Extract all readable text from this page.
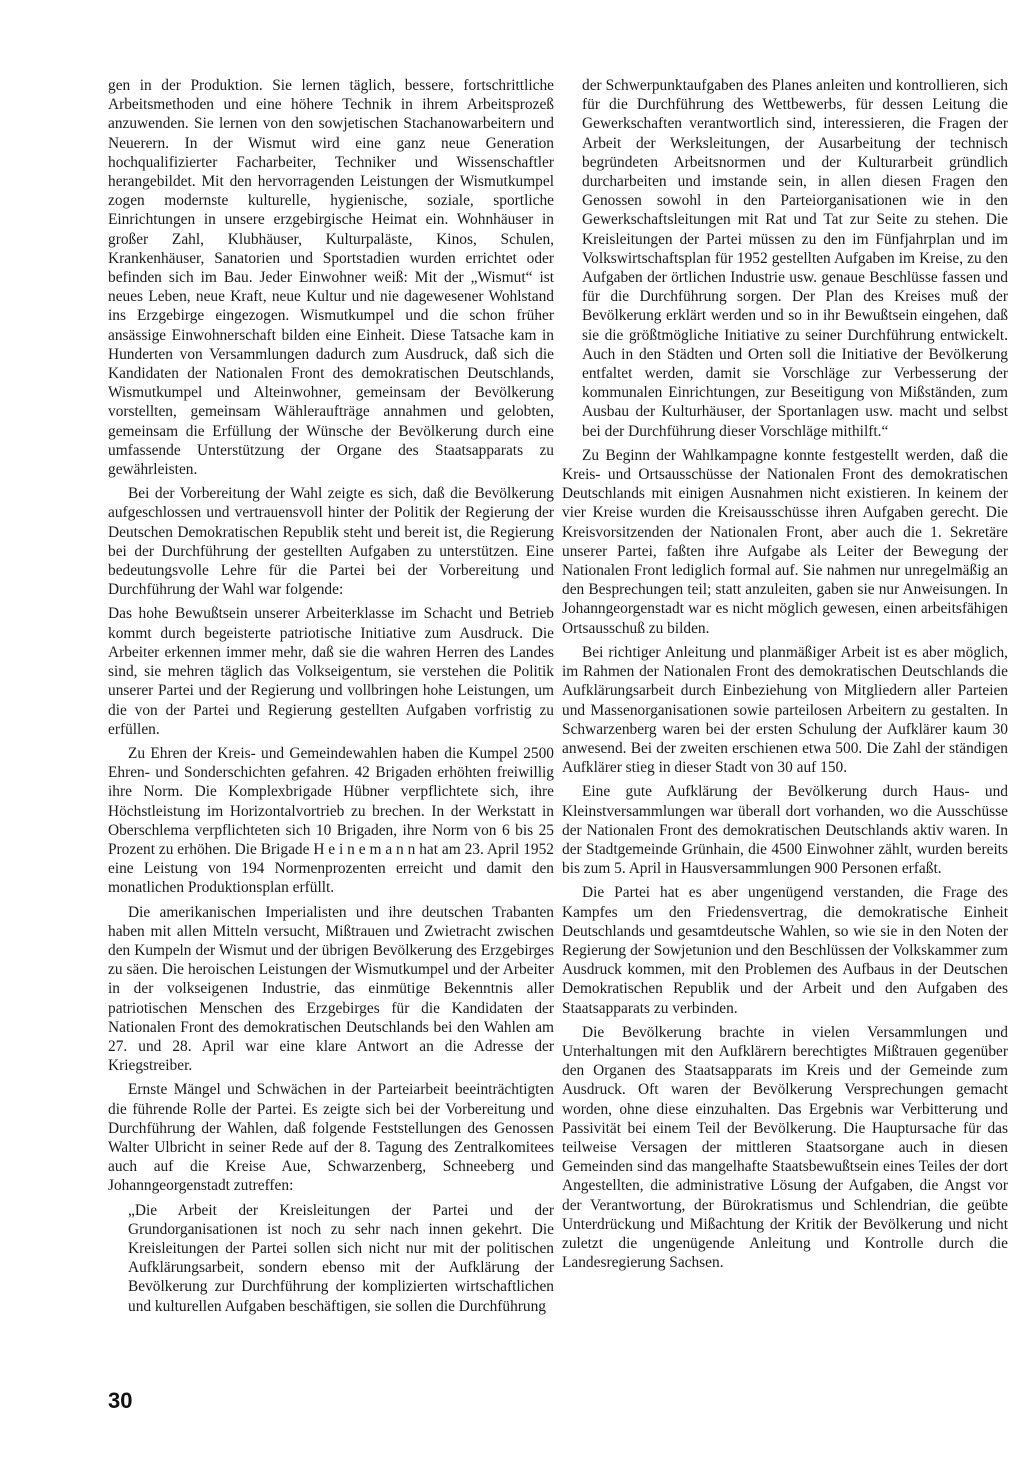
gen in der Produktion. Sie lernen täglich, bessere, fortschrittliche Arbeitsmethoden und eine höhere Technik in ihrem Arbeitsprozeß anzuwenden. Sie lernen von den sowjetischen Stachanowarbeitern und Neuerern. In der Wismut wird eine ganz neue Generation hochqualifizierter Facharbeiter, Techniker und Wissenschaftler herangebildet. Mit den hervorragenden Leistungen der Wismutkumpel zogen modernste kulturelle, hygienische, soziale, sportliche Einrichtungen in unsere erzgebirgische Heimat ein. Wohnhäuser in großer Zahl, Klubhäuser, Kulturpaläste, Kinos, Schulen, Krankenhäuser, Sanatorien und Sportstadien wurden errichtet oder befinden sich im Bau. Jeder Einwohner weiß: Mit der „Wismut“ ist neues Leben, neue Kraft, neue Kultur und nie dagewesener Wohlstand ins Erzgebirge eingezogen. Wismutkumpel und die schon früher ansässige Einwohnerschaft bilden eine Einheit. Diese Tatsache kam in Hunderten von Versammlungen dadurch zum Ausdruck, daß sich die Kandidaten der Nationalen Front des demokratischen Deutschlands, Wismutkumpel und Alteinwohner, gemeinsam der Bevölkerung vorstellten, gemeinsam Wähleraufträge annahmen und gelobten, gemeinsam die Erfüllung der Wünsche der Bevölkerung durch eine umfassende Unterstützung der Organe des Staatsapparats zu gewährleisten.

Bei der Vorbereitung der Wahl zeigte es sich, daß die Bevölkerung aufgeschlossen und vertrauensvoll hinter der Politik der Regierung der Deutschen Demokratischen Republik steht und bereit ist, die Regierung bei der Durchführung der gestellten Aufgaben zu unterstützen. Eine bedeutungsvolle Lehre für die Partei bei der Vorbereitung und Durchführung der Wahl war folgende:

Das hohe Bewußtsein unserer Arbeiterklasse im Schacht und Betrieb kommt durch begeisterte patriotische Initiative zum Ausdruck. Die Arbeiter erkennen immer mehr, daß sie die wahren Herren des Landes sind, sie mehren täglich das Volkseigentum, sie verstehen die Politik unserer Partei und der Regierung und vollbringen hohe Leistungen, um die von der Partei und Regierung gestellten Aufgaben vorfristig zu erfüllen.

Zu Ehren der Kreis- und Gemeindewahlen haben die Kumpel 2500 Ehren- und Sonderschichten gefahren. 42 Brigaden erhöhten freiwillig ihre Norm. Die Komplexbrigade Hübner verpflichtete sich, ihre Höchstleistung im Horizontalvortrieb zu brechen. In der Werkstatt in Oberschlema verpflichteten sich 10 Brigaden, ihre Norm von 6 bis 25 Prozent zu erhöhen. Die Brigade H e i n e m a n n hat am 23. April 1952 eine Leistung von 194 Normenprozenten erreicht und damit den monatlichen Produktionsplan erfüllt.

Die amerikanischen Imperialisten und ihre deutschen Trabanten haben mit allen Mitteln versucht, Mißtrauen und Zwietracht zwischen den Kumpeln der Wismut und der übrigen Bevölkerung des Erzgebirges zu säen. Die heroischen Leistungen der Wismutkumpel und der Arbeiter in der volkseigenen Industrie, das einmütige Bekenntnis aller patriotischen Menschen des Erzgebirges für die Kandidaten der Nationalen Front des demokratischen Deutschlands bei den Wahlen am 27. und 28. April war eine klare Antwort an die Adresse der Kriegstreiber.

Ernste Mängel und Schwächen in der Parteiarbeit beeinträchtigten die führende Rolle der Partei. Es zeigte sich bei der Vorbereitung und Durchführung der Wahlen, daß folgende Feststellungen des Genossen Walter Ulbricht in seiner Rede auf der 8. Tagung des Zentralkomitees auch auf die Kreise Aue, Schwarzenberg, Schneeberg und Johanngeorgenstadt zutreffen:

„Die Arbeit der Kreisleitungen der Partei und der Grundorganisationen ist noch zu sehr nach innen gekehrt. Die Kreisleitungen der Partei sollen sich nicht nur mit der politischen Aufklärungsarbeit, sondern ebenso mit der Aufklärung der Bevölkerung zur Durchführung der komplizierten wirtschaftlichen und kulturellen Aufgaben beschäftigen, sie sollen die Durchführung

der Schwerpunktaufgaben des Planes anleiten und kontrollieren, sich für die Durchführung des Wettbewerbs, für dessen Leitung die Gewerkschaften verantwortlich sind, interessieren, die Fragen der Arbeit der Werksleitungen, der Ausarbeitung der technisch begründeten Arbeitsnormen und der Kulturarbeit gründlich durcharbeiten und imstande sein, in allen diesen Fragen den Genossen sowohl in den Parteiorganisationen wie in den Gewerkschaftsleitungen mit Rat und Tat zur Seite zu stehen. Die Kreisleitungen der Partei müssen zu den im Fünfjahrplan und im Volkswirtschaftsplan für 1952 gestellten Aufgaben im Kreise, zu den Aufgaben der örtlichen Industrie usw. genaue Beschlüsse fassen und für die Durchführung sorgen. Der Plan des Kreises muß der Bevölkerung erklärt werden und so in ihr Bewußtsein eingehen, daß sie die größtmögliche Initiative zu seiner Durchführung entwickelt. Auch in den Städten und Orten soll die Initiative der Bevölkerung entfaltet werden, damit sie Vorschläge zur Verbesserung der kommunalen Einrichtungen, zur Beseitigung von Mißständen, zum Ausbau der Kulturhäuser, der Sportanlagen usw. macht und selbst bei der Durchführung dieser Vorschläge mithilft.“

Zu Beginn der Wahlkampagne konnte festgestellt werden, daß die Kreis- und Ortsausschüsse der Nationalen Front des demokratischen Deutschlands mit einigen Ausnahmen nicht existieren. In keinem der vier Kreise wurden die Kreisausschüsse ihren Aufgaben gerecht. Die Kreisvorsitzenden der Nationalen Front, aber auch die 1. Sekretäre unserer Partei, faßten ihre Aufgabe als Leiter der Bewegung der Nationalen Front lediglich formal auf. Sie nahmen nur unregelmäßig an den Besprechungen teil; statt anzuleiten, gaben sie nur Anweisungen. In Johanngeorgenstadt war es nicht möglich gewesen, einen arbeitsfähigen Ortsausschuß zu bilden.

Bei richtiger Anleitung und planmäßiger Arbeit ist es aber möglich, im Rahmen der Nationalen Front des demokratischen Deutschlands die Aufklärungsarbeit durch Einbeziehung von Mitgliedern aller Parteien und Massenorganisationen sowie parteilosen Arbeitern zu gestalten. In Schwarzenberg waren bei der ersten Schulung der Aufklärer kaum 30 anwesend. Bei der zweiten erschienen etwa 500. Die Zahl der ständigen Aufklärer stieg in dieser Stadt von 30 auf 150.

Eine gute Aufklärung der Bevölkerung durch Haus- und Kleinstversammlungen war überall dort vorhanden, wo die Ausschüsse der Nationalen Front des demokratischen Deutschlands aktiv waren. In der Stadtgemeinde Grünhain, die 4500 Einwohner zählt, wurden bereits bis zum 5. April in Hausversammlungen 900 Personen erfaßt.

Die Partei hat es aber ungenügend verstanden, die Frage des Kampfes um den Friedensvertrag, die demokratische Einheit Deutschlands und gesamtdeutsche Wahlen, so wie sie in den Noten der Regierung der Sowjetunion und den Beschlüssen der Volkskammer zum Ausdruck kommen, mit den Problemen des Aufbaus in der Deutschen Demokratischen Republik und der Arbeit und den Aufgaben des Staatsapparats zu verbinden.

Die Bevölkerung brachte in vielen Versammlungen und Unterhaltungen mit den Aufklärern berechtigtes Mißtrauen gegenüber den Organen des Staatsapparats im Kreis und der Gemeinde zum Ausdruck. Oft waren der Bevölkerung Versprechungen gemacht worden, ohne diese einzuhalten. Das Ergebnis war Verbitterung und Passivität bei einem Teil der Bevölkerung. Die Hauptursache für das teilweise Versagen der mittleren Staatsorgane auch in diesen Gemeinden sind das mangelhafte Staatsbewußtsein eines Teiles der dort Angestellten, die administrative Lösung der Aufgaben, die Angst vor der Verantwortung, der Bürokratismus und Schlendrian, die geübte Unterdrückung und Mißachtung der Kritik der Bevölkerung und nicht zuletzt die ungenügende Anleitung und Kontrolle durch die Landesregierung Sachsen.

30
